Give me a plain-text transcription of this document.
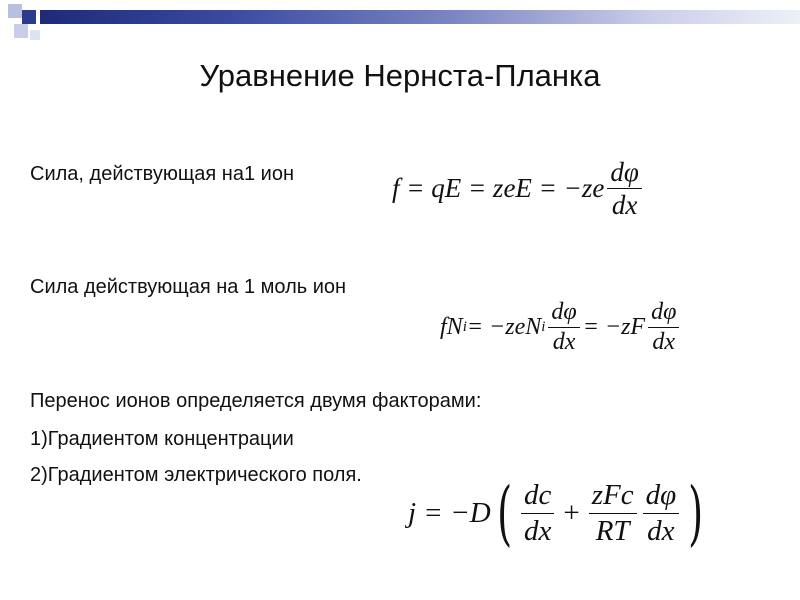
Уравнение Нернста-Планка
Сила, действующая на1 ион	f = qE = zeE = $-ze \frac{d\varphi}{dx}$
Сила действующая на 1 моль ион
fN i = −zeN i $\frac{d\varphi}{dx} = -zF \frac{d\varphi}{dx}$
Перенос ионов определяется двумя факторами:
1)Градиентом концентрации
2)Градиентом электрического поля.
j = −D ( $\frac{dc}{dx} + \frac{\text{zFc}}{RT} \frac{d\varphi}{dx}$ )
